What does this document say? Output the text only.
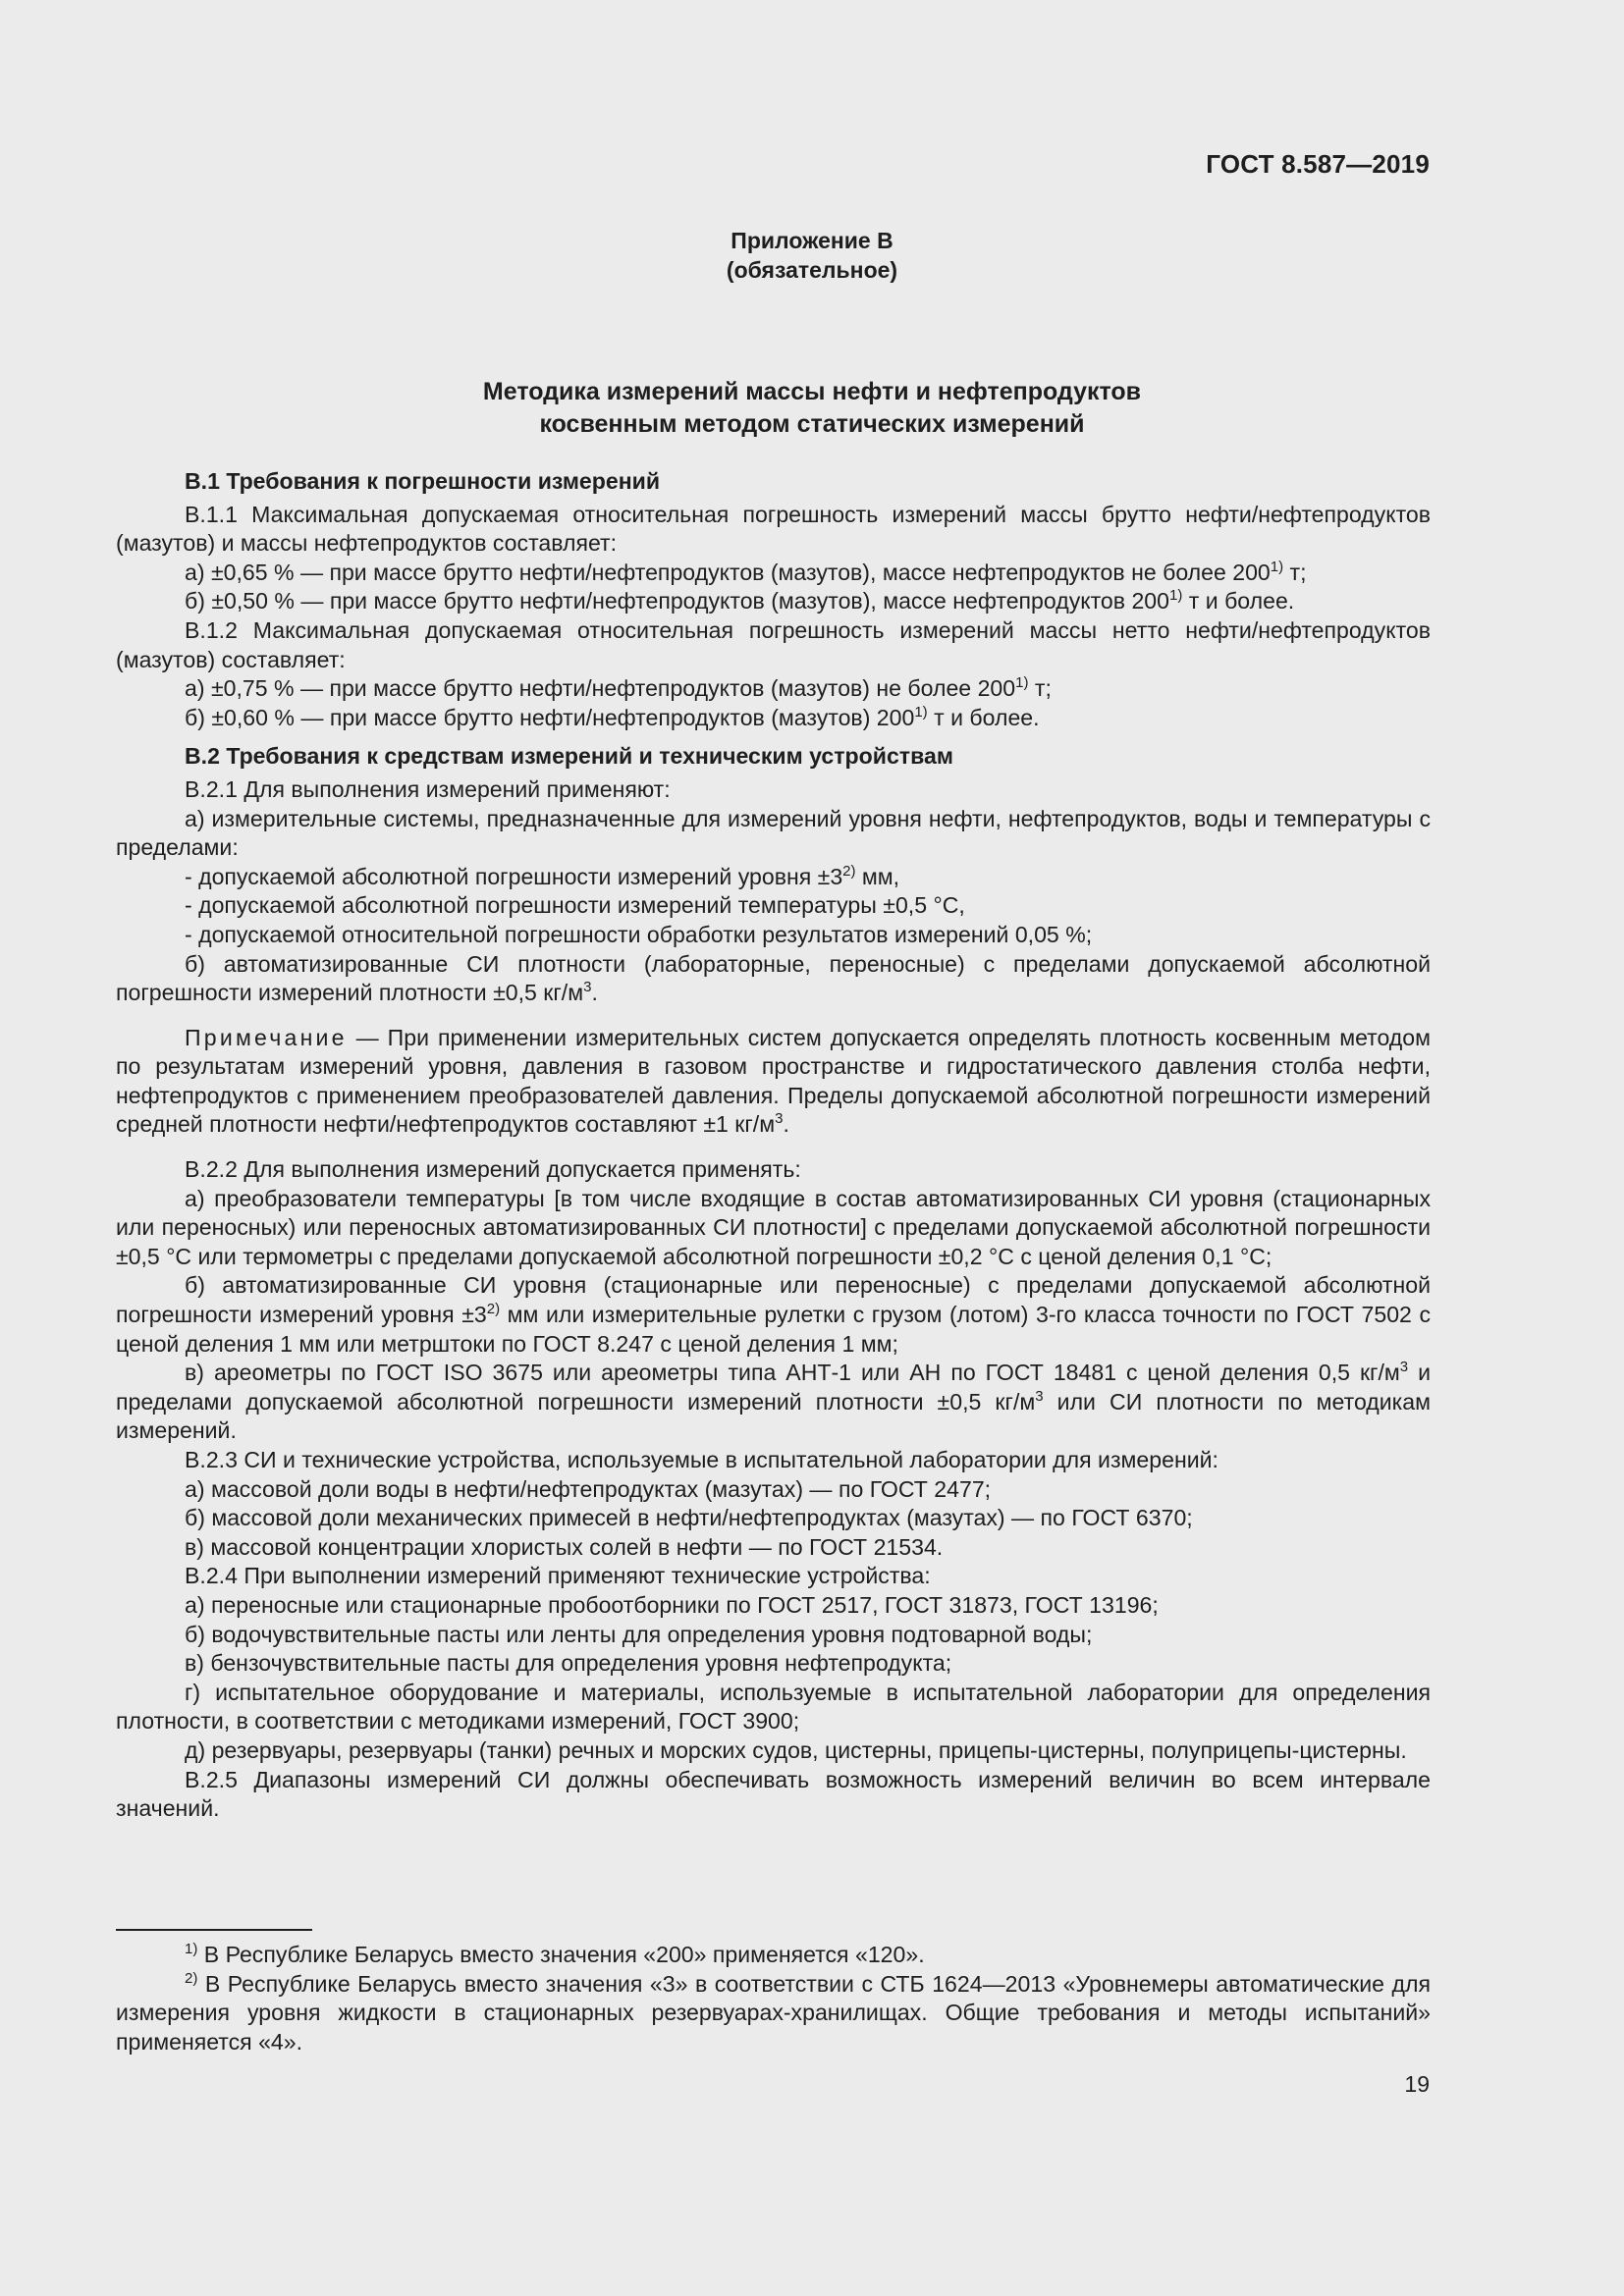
ГОСТ 8.587—2019
Приложение В
(обязательное)
Методика измерений массы нефти и нефтепродуктов
косвенным методом статических измерений

В.1 Требования к погрешности измерений

В.1.1 Максимальная допускаемая относительная погрешность измерений массы брутто нефти/нефтепродуктов (мазутов) и массы нефтепродуктов составляет:

а) ±0,65 % — при массе брутто нефти/нефтепродуктов (мазутов), массе нефтепродуктов не более 200$^{1)}$ т;

б) ±0,50 % — при массе брутто нефти/нефтепродуктов (мазутов), массе нефтепродуктов 200$^{1)}$ т и более.

В.1.2 Максимальная допускаемая относительная погрешность измерений массы нетто нефти/нефтепродуктов (мазутов) составляет:

а) ±0,75 % — при массе брутто нефти/нефтепродуктов (мазутов) не более 200$^{1)}$ т;

б) ±0,60 % — при массе брутто нефти/нефтепродуктов (мазутов) 200$^{1)}$ т и более.

В.2 Требования к средствам измерений и техническим устройствам

В.2.1 Для выполнения измерений применяют:

а) измерительные системы, предназначенные для измерений уровня нефти, нефтепродуктов, воды и температуры с пределами:

- допускаемой абсолютной погрешности измерений уровня $\pm 3^{2)}$ мм,

- допускаемой абсолютной погрешности измерений температуры ±0,5 °С,

- допускаемой относительной погрешности обработки результатов измерений 0,05 %;

б) автоматизированные СИ плотности (лабораторные, переносные) с пределами допускаемой абсолютной погрешности измерений плотности ±0,5 $кг/м^3$.

Примечание — При применении измерительных систем допускается определять плотность косвенным методом по результатам измерений уровня, давления в газовом пространстве и гидростатического давления столба нефти, нефтепродуктов с применением преобразователей давления. Пределы допускаемой абсолютной погрешности измерений средней плотности нефти/нефтепродуктов составляют ±1 $кг/м^3$.

В.2.2 Для выполнения измерений допускается применять:

а) преобразователи температуры [в том числе входящие в состав автоматизированных СИ уровня (стационарных или переносных) или переносных автоматизированных СИ плотности] с пределами допускаемой абсолютной погрешности ±0,5 °С или термометры с пределами допускаемой абсолютной погрешности ±0,2 °С с ценой деления 0,1 °С;

б) автоматизированные СИ уровня (стационарные или переносные) с пределами допускаемой абсолютной погрешности измерений уровня $\pm 3^{2)}$ мм или измерительные рулетки с грузом (лотом) 3-го класса точности по ГОСТ 7502 с ценой деления 1 мм или метрштоки по ГОСТ 8.247 с ценой деления 1 мм;

в) ареометры по ГОСТ ISO 3675 или ареометры типа АНТ-1 или АН по ГОСТ 18481 с ценой деления 0,5 $кг/м^3$ и пределами допускаемой абсолютной погрешности измерений плотности ±0,5 $кг/м^3$ или СИ плотности по методикам измерений.

В.2.3 СИ и технические устройства, используемые в испытательной лаборатории для измерений:

а) массовой доли воды в нефти/нефтепродуктах (мазутах) — по ГОСТ 2477;

б) массовой доли механических примесей в нефти/нефтепродуктах (мазутах) — по ГОСТ 6370;

в) массовой концентрации хлористых солей в нефти — по ГОСТ 21534.

В.2.4 При выполнении измерений применяют технические устройства:

а) переносные или стационарные пробоотборники по ГОСТ 2517, ГОСТ 31873, ГОСТ 13196;

б) водочувствительные пасты или ленты для определения уровня подтоварной воды;

в) бензочувствительные пасты для определения уровня нефтепродукта;

г) испытательное оборудование и материалы, используемые в испытательной лаборатории для определения плотности, в соответствии с методиками измерений, ГОСТ 3900;

д) резервуары, резервуары (танки) речных и морских судов, цистерны, прицепы-цистерны, полуприцепы-цистерны.

В.2.5 Диапазоны измерений СИ должны обеспечивать возможность измерений величин во всем интервале значений.

$^{1)}$ В Республике Беларусь вместо значения «200» применяется «120».

$^{2)}$ В Республике Беларусь вместо значения «3» в соответствии с СТБ 1624—2013 «Уровнемеры автоматические для измерения уровня жидкости в стационарных резервуарах-хранилищах. Общие требования и методы испытаний» применяется «4».

19
